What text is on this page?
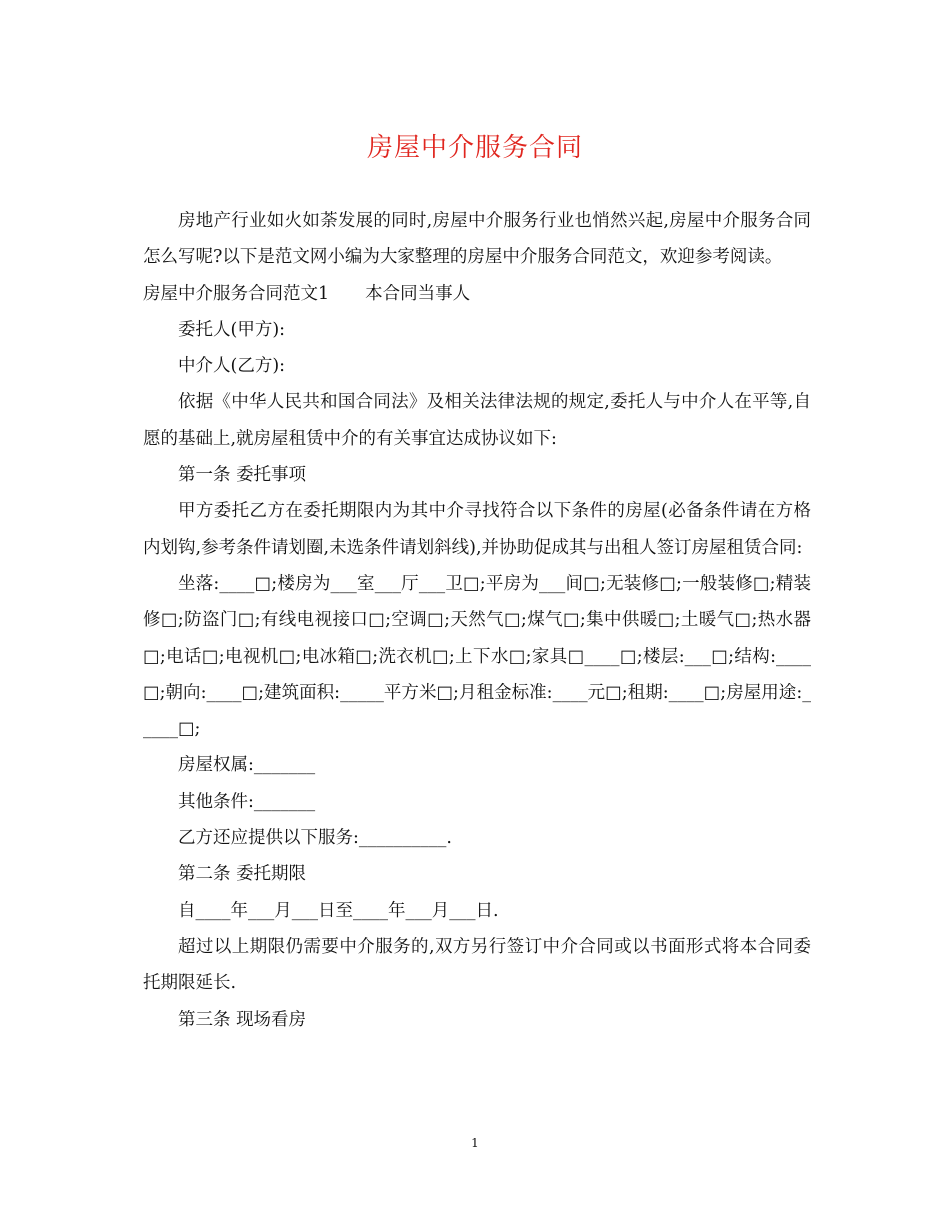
房屋中介服务合同

房地产行业如火如荼发展的同时,房屋中介服务行业也悄然兴起,房屋中介服务合同怎么写呢?以下是范文网小编为大家整理的房屋中介服务合同范文，欢迎参考阅读。

房屋中介服务合同范文1 本合同当事人

委托人(甲方):

中介人(乙方):

依据《中华人民共和国合同法》及相关法律法规的规定,委托人与中介人在平等,自愿的基础上,就房屋租赁中介的有关事宜达成协议如下:

第一条 委托事项

甲方委托乙方在委托期限内为其中介寻找符合以下条件的房屋(必备条件请在方格内划钩,参考条件请划圈,未选条件请划斜线),并协助促成其与出租人签订房屋租赁合同:

坐落:____□;楼房为___室___厅___卫□;平房为___间□;无装修□;一般装修□;精装修□;防盗门□;有线电视接口□;空调□;天然气□;煤气□;集中供暖□;土暖气□;热水器□;电话□;电视机□;电冰箱□;洗衣机□;上下水□;家具□____□;楼层:___□;结构:____□;朝向:____□;建筑面积:_____平方米□;月租金标准:____元□;租期:____□;房屋用途:_____□;

房屋权属:_______

其他条件:_______

乙方还应提供以下服务:__________.

第二条 委托期限

自____年___月___日至____年___月___日.

超过以上期限仍需要中介服务的,双方另行签订中介合同或以书面形式将本合同委托期限延长.

第三条 现场看房

1
